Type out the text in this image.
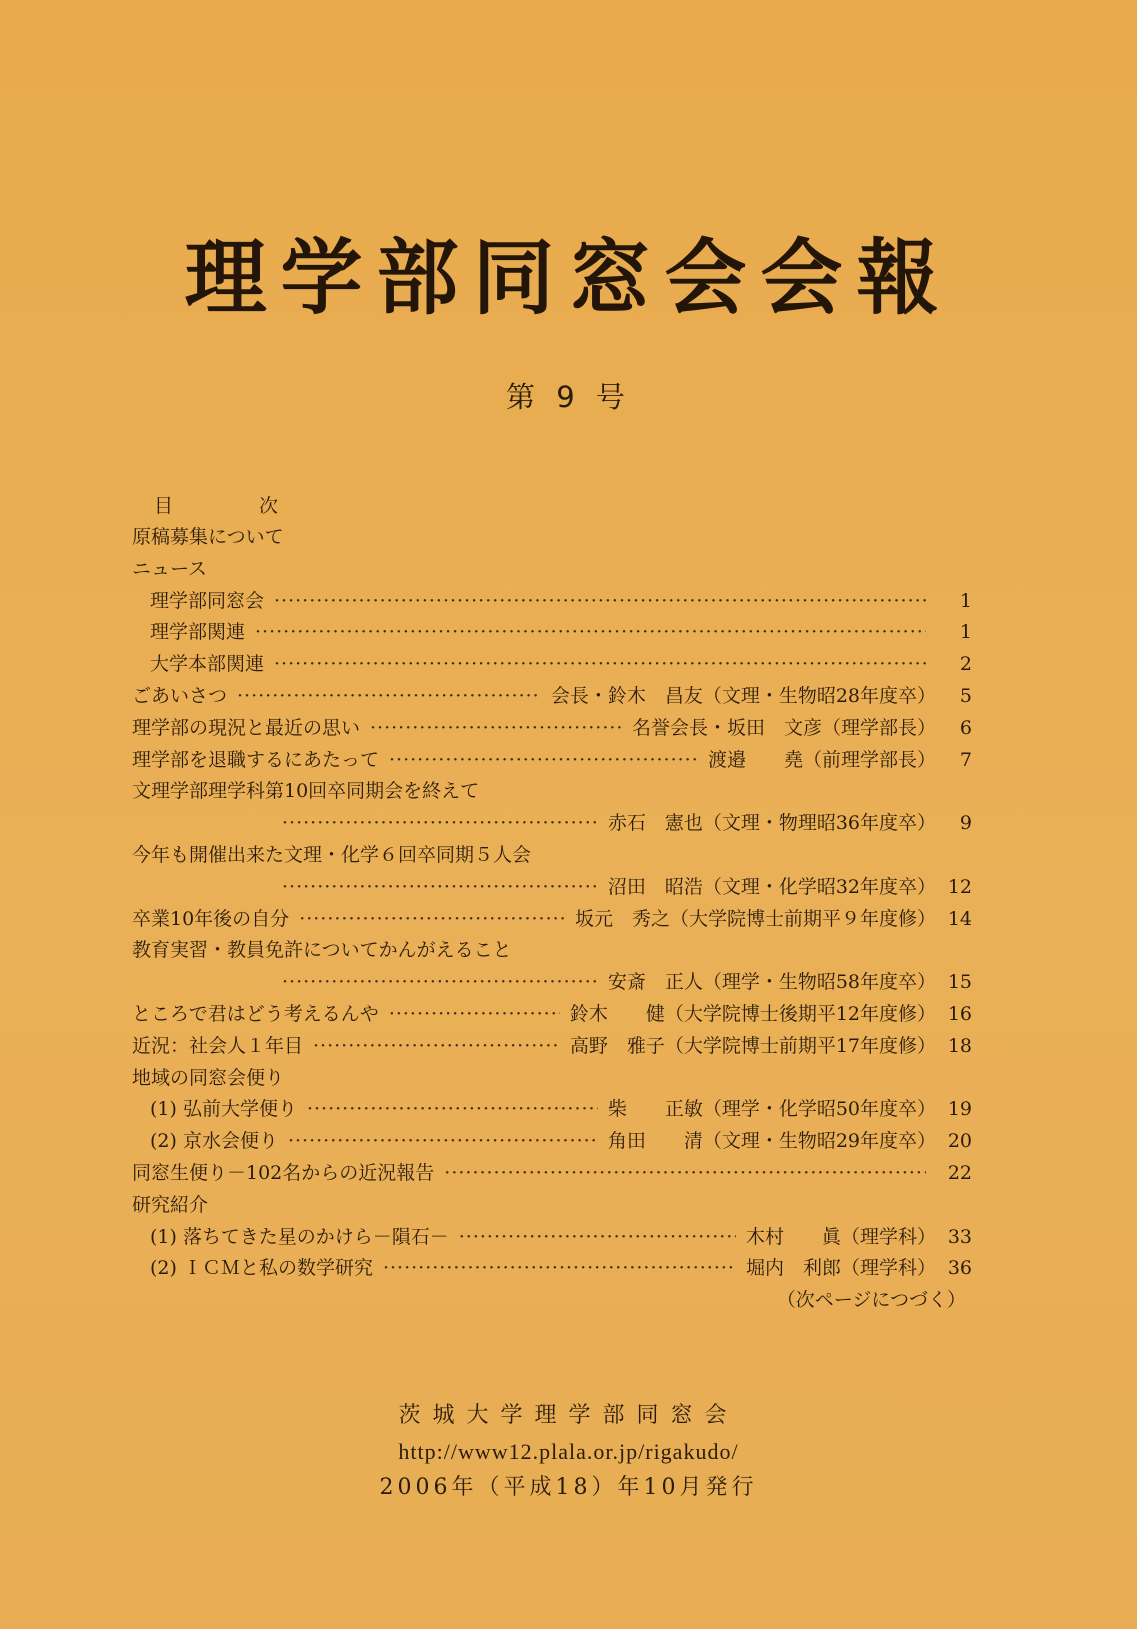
理学部同窓会会報
第 9 号
目 次
原稿募集について
ニュース
理学部同窓会 ·····	1
理学部関連 ·····	1
大学本部関連 ·····	2
ごあいさつ ·····	会長・鈴木　昌友（文理・生物昭28年度卒）	5
理学部の現況と最近の思い ·····	名誉会長・坂田　文彦（理学部長）	6
理学部を退職するにあたって ·····	渡邉　　堯（前理学部長）	7
文理学部理学科第10回卒同期会を終えて
·····
赤石　憲也（文理・物理昭36年度卒）	9
今年も開催出来た文理・化学６回卒同期５人会
·····
沼田　昭浩（文理・化学昭32年度卒） 12
卒業10年後の自分 ·····	坂元　秀之（大学院博士前期平９年度修） 14
教育実習・教員免許についてかんがえること
·····
安斎　正人（理学・生物昭58年度卒） 15
ところで君はどう考えるんや ·····	鈴木　　健（大学院博士後期平12年度修） 16
近況：社会人１年目 ·····	高野　雅子（大学院博士前期平17年度修） 18
地域の同窓会便り
(1) 弘前大学便り ·····	柴　　正敏（理学・化学昭50年度卒） 19
(2) 京水会便り ·····	角田　　清（文理・生物昭29年度卒） 20
同窓生便り－102名からの近況報告 ·····	22
研究紹介
(1) 落ちてきた星のかけら－隕石－ ·····	木村　　眞（理学科） 33
(2) ＩＣＭと私の数学研究 ·····	堀内　利郎（理学科） 36
（次ページにつづく）
茨城大学理学部同窓会
http://www12.plala.or.jp/rigakudo/
2006年（平成18）年10月発行
